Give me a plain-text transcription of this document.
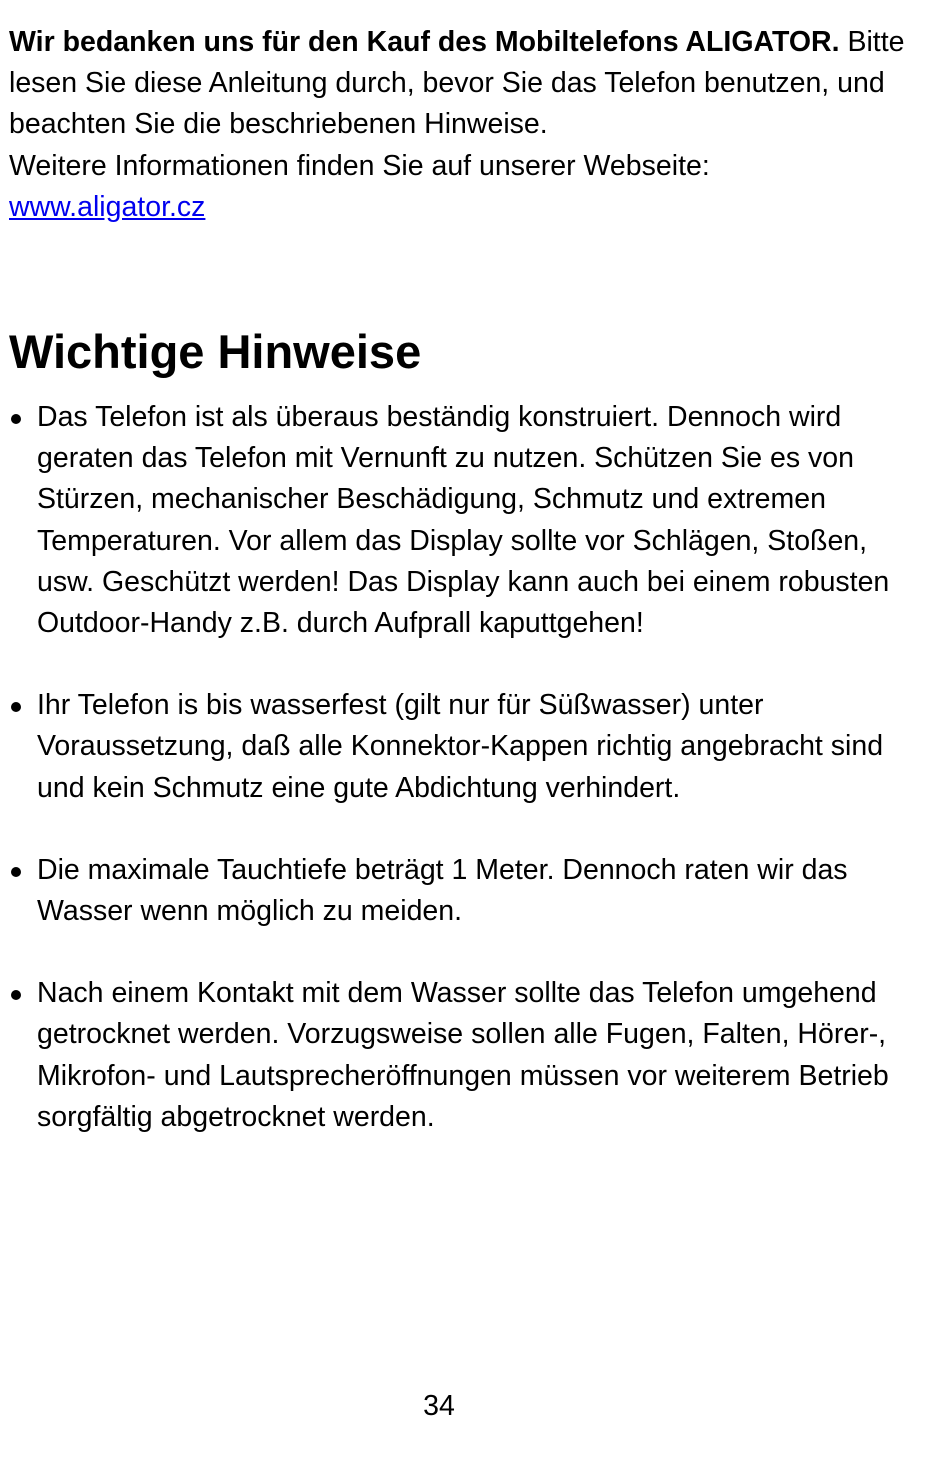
Wir bedanken uns für den Kauf des Mobiltelefons ALIGATOR. Bitte lesen Sie diese Anleitung durch, bevor Sie das Telefon benutzen, und beachten Sie die beschriebenen Hinweise.
Weitere Informationen finden Sie auf unserer Webseite:
www.aligator.cz

Wichtige Hinweise
Das Telefon ist als überaus beständig konstruiert. Dennoch wird geraten das Telefon mit Vernunft zu nutzen. Schützen Sie es von Stürzen, mechanischer Beschädigung, Schmutz und extremen Temperaturen. Vor allem das Display sollte vor Schlägen, Stoßen, usw. Geschützt werden! Das Display kann auch bei einem robusten Outdoor-Handy z.B. durch Aufprall kaputtgehen!
Ihr Telefon is bis wasserfest (gilt nur für Süßwasser) unter Voraussetzung, daß alle Konnektor-Kappen richtig angebracht sind und kein Schmutz eine gute Abdichtung verhindert.
Die maximale Tauchtiefe beträgt 1 Meter. Dennoch raten wir das Wasser wenn möglich zu meiden.
Nach einem Kontakt mit dem Wasser sollte das Telefon umgehend getrocknet werden. Vorzugsweise sollen alle Fugen, Falten, Hörer-, Mikrofon- und Lautsprecheröffnungen müssen vor weiterem Betrieb sorgfältig abgetrocknet werden.
34
